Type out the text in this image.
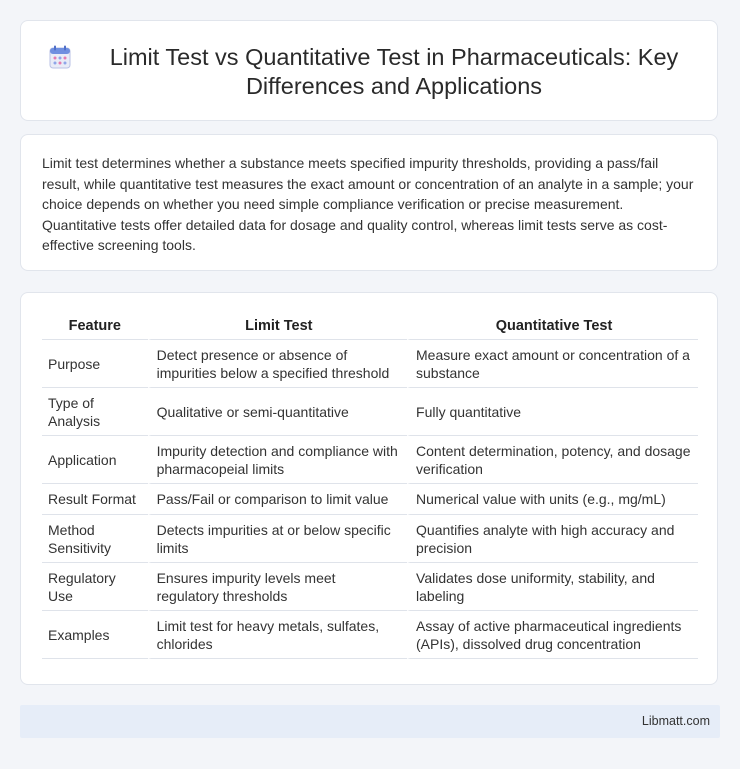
Limit Test vs Quantitative Test in Pharmaceuticals: Key Differences and Applications

Limit test determines whether a substance meets specified impurity thresholds, providing a pass/fail result, while quantitative test measures the exact amount or concentration of an analyte in a sample; your choice depends on whether you need simple compliance verification or precise measurement. Quantitative tests offer detailed data for dosage and quality control, whereas limit tests serve as cost-effective screening tools.

Feature	Limit Test	Quantitative Test
Purpose	Detect presence or absence of impurities below a specified threshold	Measure exact amount or concentration of a substance
Type of Analysis	Qualitative or semi-quantitative	Fully quantitative
Application	Impurity detection and compliance with pharmacopeial limits	Content determination, potency, and dosage verification
Result Format	Pass/Fail or comparison to limit value	Numerical value with units (e.g., mg/mL)
Method Sensitivity	Detects impurities at or below specific limits	Quantifies analyte with high accuracy and precision
Regulatory Use	Ensures impurity levels meet regulatory thresholds	Validates dose uniformity, stability, and labeling
Examples	Limit test for heavy metals, sulfates, chlorides	Assay of active pharmaceutical ingredients (APIs), dissolved drug concentration
Libmatt.com
